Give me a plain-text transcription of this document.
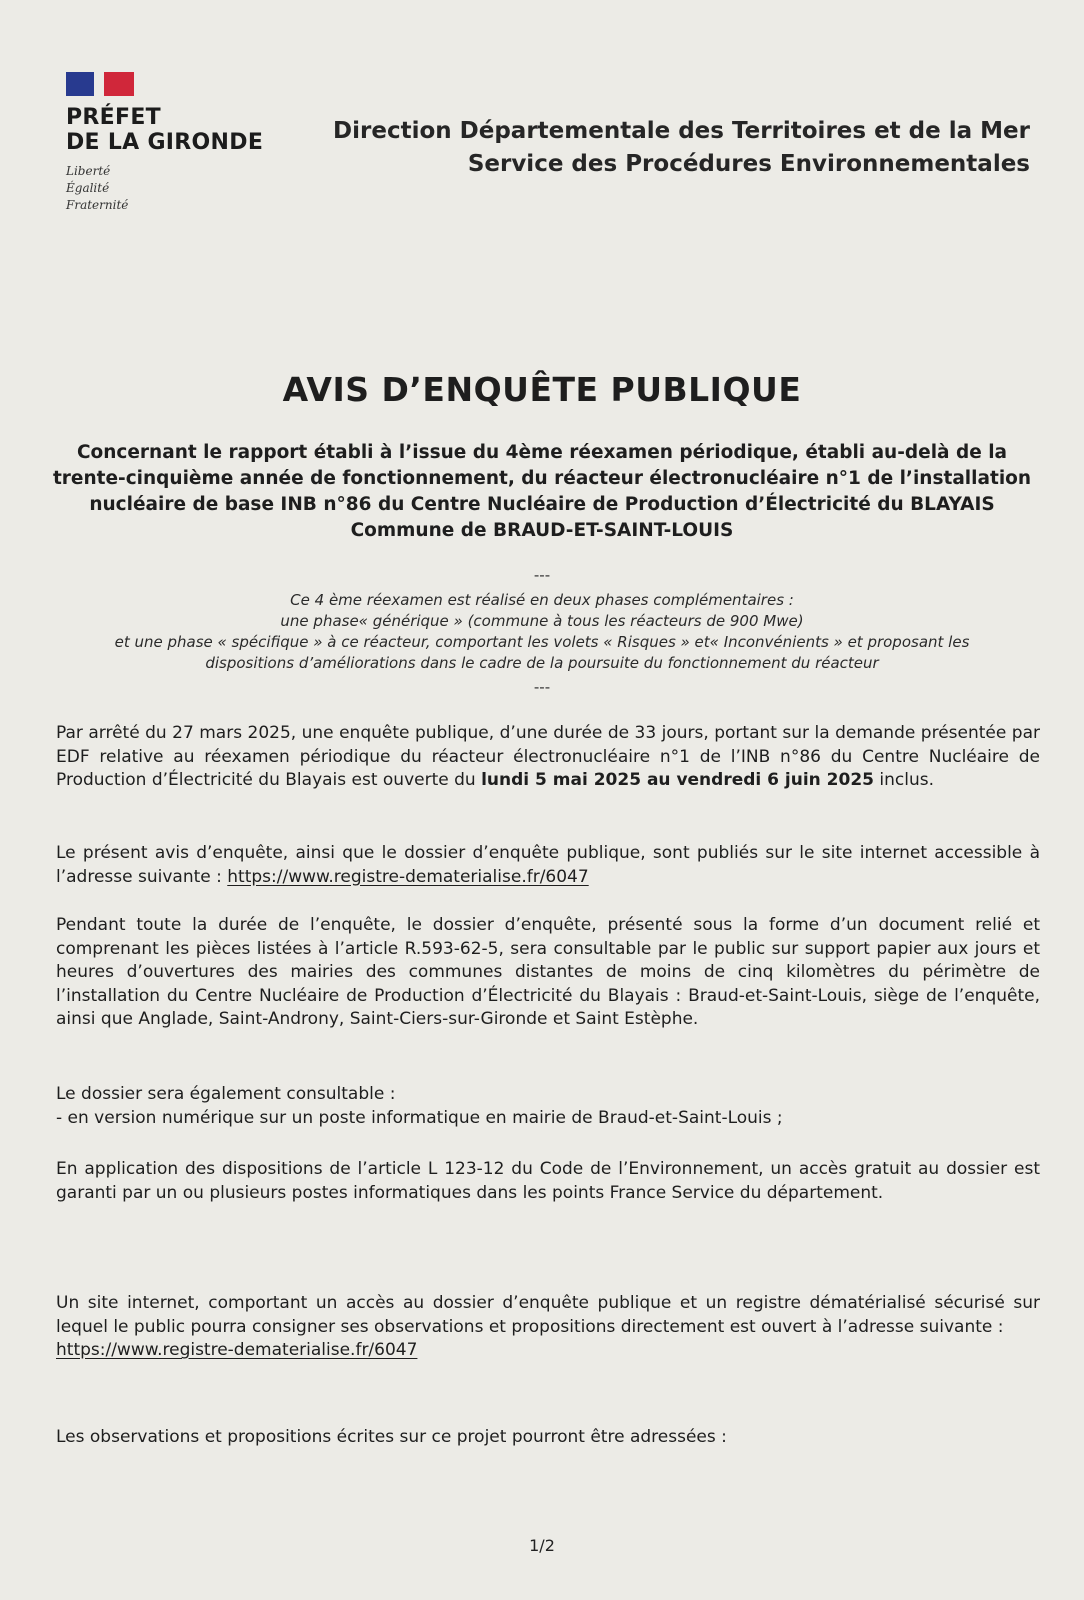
PRÉFET
DE LA GIRONDE
Liberté
Égalité
Fraternité
Direction Départementale des Territoires et de la Mer
Service des Procédures Environnementales
AVIS D’ENQUÊTE PUBLIQUE
Concernant le rapport établi à l’issue du 4ème réexamen périodique, établi au-delà de la
trente-cinquième année de fonctionnement, du réacteur électronucléaire n°1 de l’installation
nucléaire de base INB n°86 du Centre Nucléaire de Production d’Électricité du BLAYAIS
Commune de BRAUD-ET-SAINT-LOUIS
---
Ce 4 ème réexamen est réalisé en deux phases complémentaires :
une phase« générique » (commune à tous les réacteurs de 900 Mwe)
et une phase « spécifique » à ce réacteur, comportant les volets « Risques » et« Inconvénients » et proposant les
dispositions d’améliorations dans le cadre de la poursuite du fonctionnement du réacteur
---
Par arrêté du 27 mars 2025, une enquête publique, d’une durée de 33 jours, portant sur la demande présentée par EDF relative au réexamen périodique du réacteur électronucléaire n°1 de l’INB n°86 du Centre Nucléaire de Production d’Électricité du Blayais est ouverte du lundi 5 mai 2025 au vendredi 6 juin 2025 inclus.
Le présent avis d’enquête, ainsi que le dossier d’enquête publique, sont publiés sur le site internet accessible à l’adresse suivante : https://www.registre-dematerialise.fr/6047
Pendant toute la durée de l’enquête, le dossier d’enquête, présenté sous la forme d’un document relié et comprenant les pièces listées à l’article R.593-62-5, sera consultable par le public sur support papier aux jours et heures d’ouvertures des mairies des communes distantes de moins de cinq kilomètres du périmètre de l’installation du Centre Nucléaire de Production d’Électricité du Blayais : Braud-et-Saint-Louis, siège de l’enquête, ainsi que Anglade, Saint-Androny, Saint-Ciers-sur-Gironde et Saint Estèphe.
Le dossier sera également consultable :
- en version numérique sur un poste informatique en mairie de Braud-et-Saint-Louis ;
En application des dispositions de l’article L 123-12 du Code de l’Environnement, un accès gratuit au dossier est garanti par un ou plusieurs postes informatiques dans les points France Service du département.
Un site internet, comportant un accès au dossier d’enquête publique et un registre dématérialisé sécurisé sur lequel le public pourra consigner ses observations et propositions directement est ouvert à l’adresse suivante :
https://www.registre-dematerialise.fr/6047
Les observations et propositions écrites sur ce projet pourront être adressées :
1/2
